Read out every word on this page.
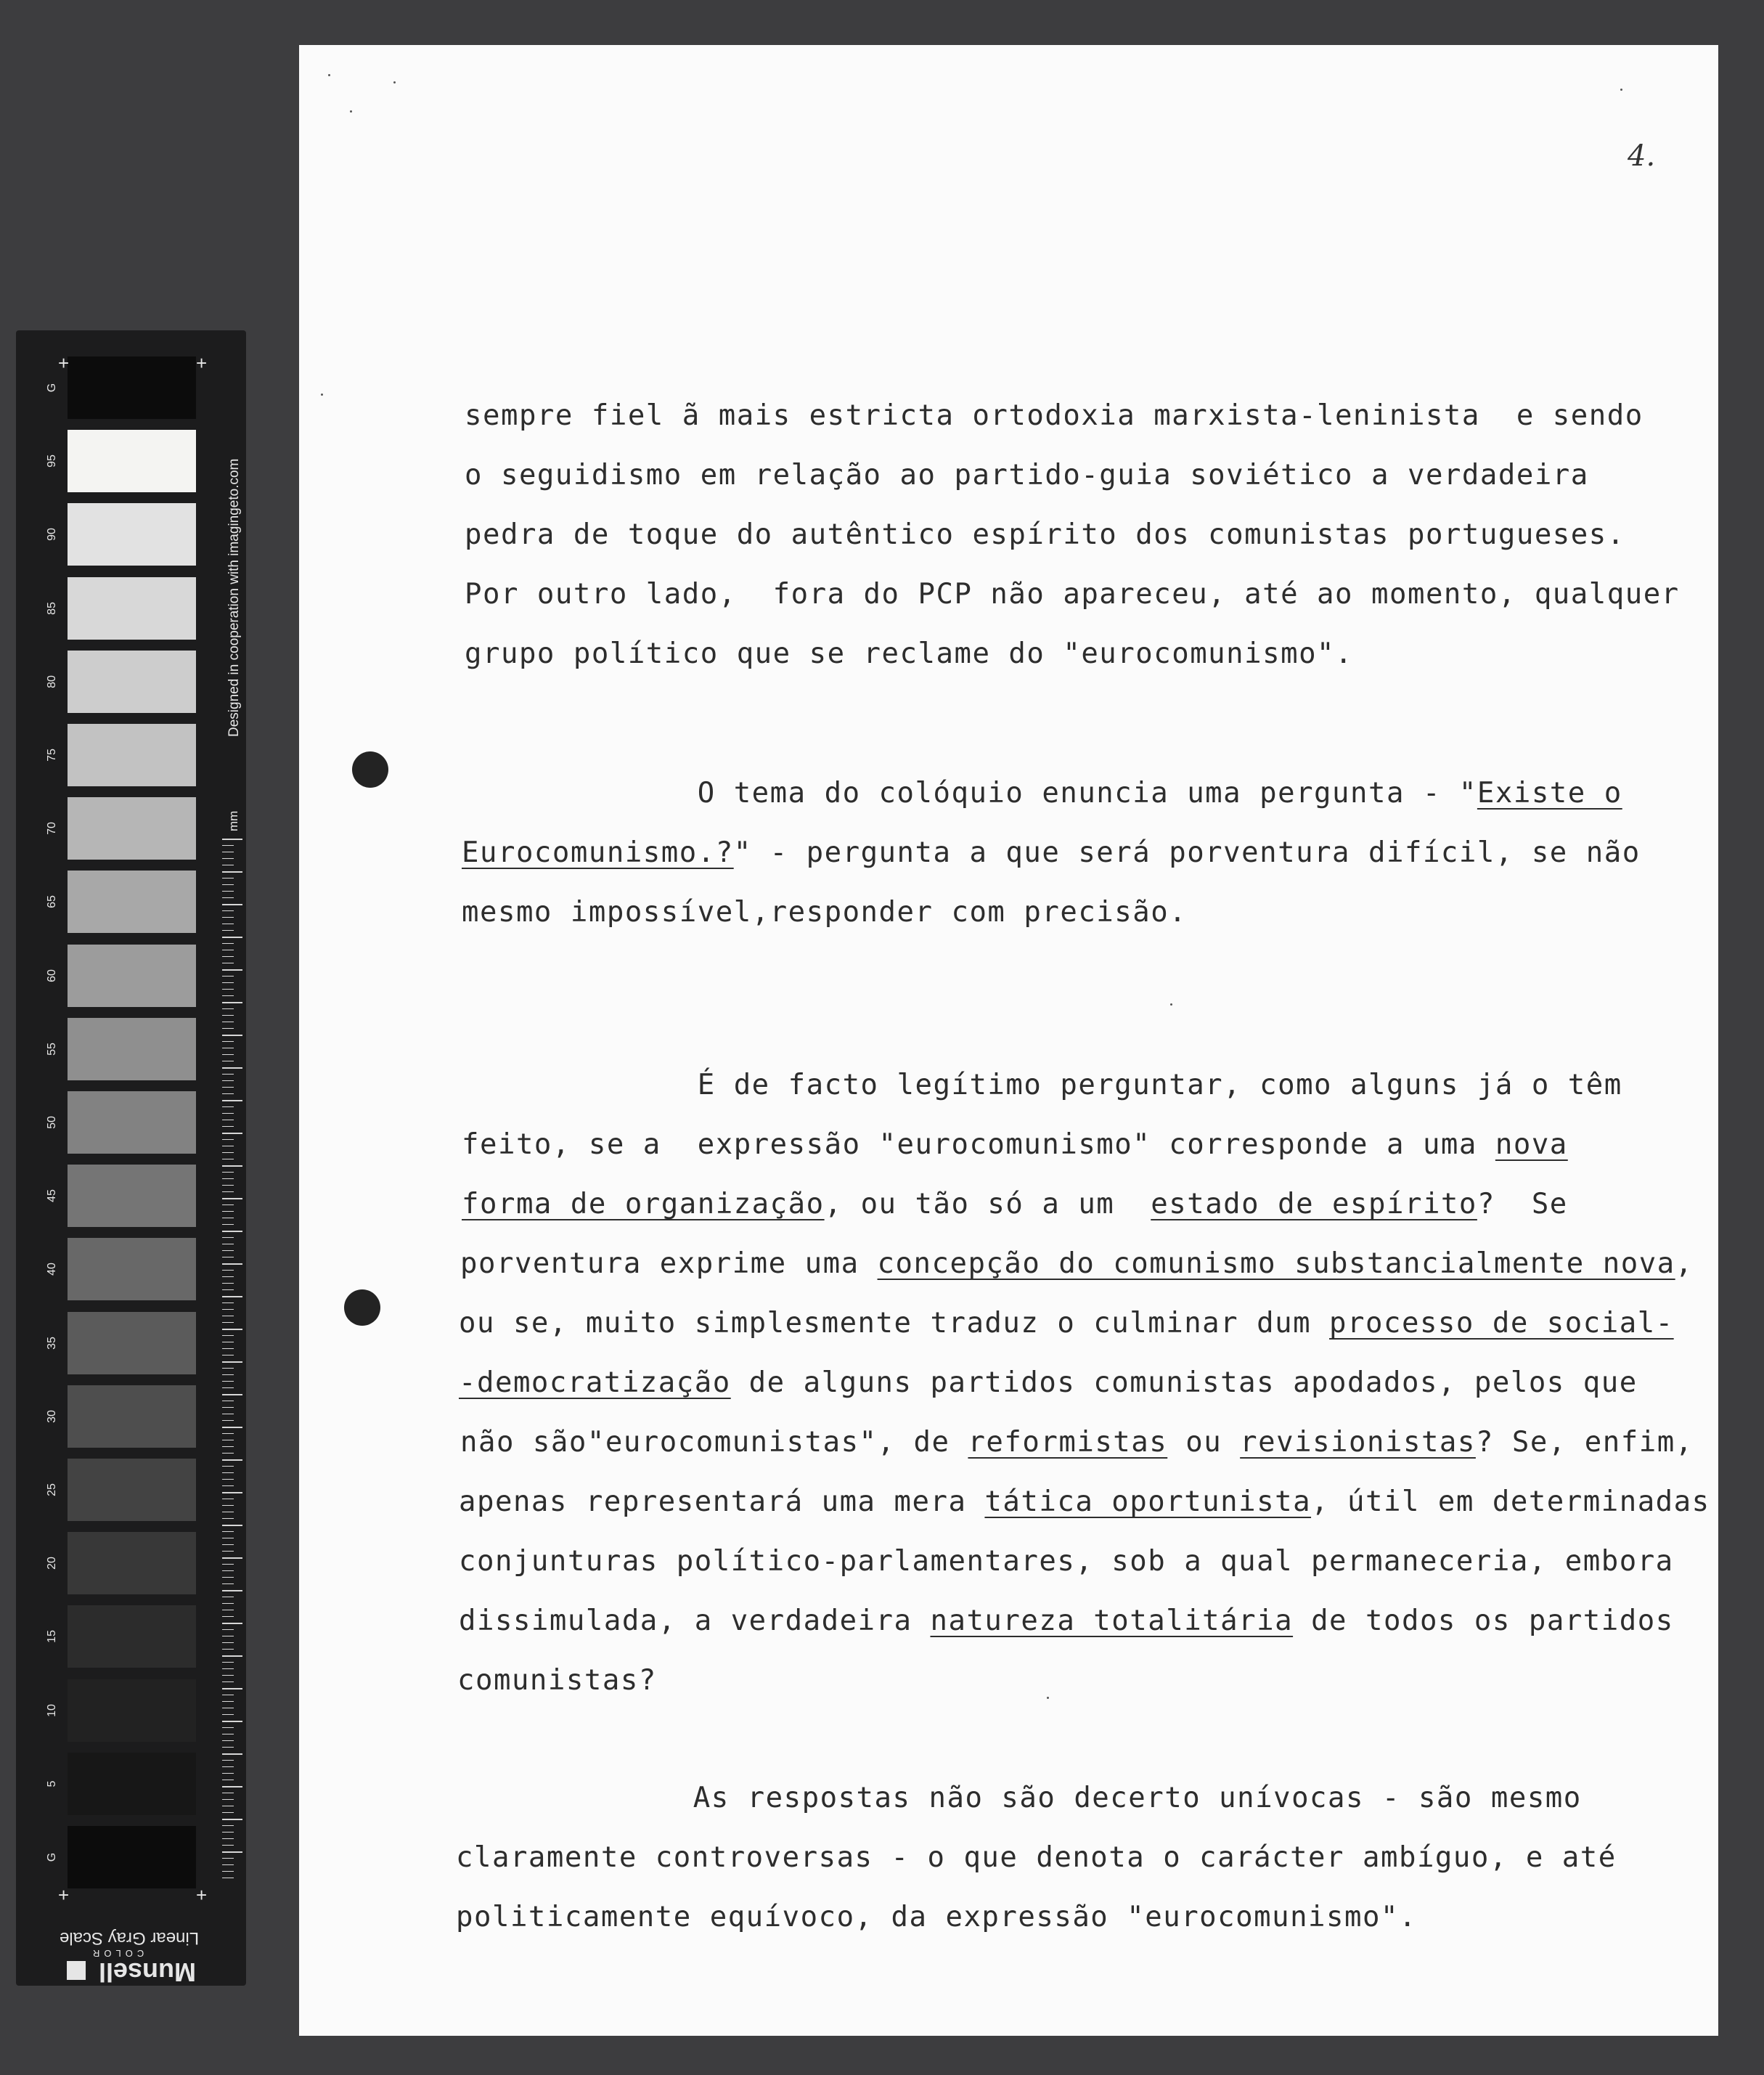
G
95
90
85
80
75
70
65
60
55
50
45
40
35
30
25
20
15
10
5
G
+	+
+	+
Designed in cooperation with imagingeto.com
mm
Linear Gray Scale
Munsell
COLOR
4.
sempre fiel ã mais estricta ortodoxia marxista-leninista  e sendo
o seguidismo em relação ao partido-guia soviético a verdadeira
pedra de toque do autêntico espírito dos comunistas portugueses.
Por outro lado,  fora do PCP não apareceu, até ao momento, qualquer
grupo político que se reclame do "eurocomunismo".
O tema do colóquio enuncia uma pergunta - "Existe o
Eurocomunismo.?" - pergunta a que será porventura difícil, se não
mesmo impossível,responder com precisão.
É de facto legítimo perguntar, como alguns já o têm
feito, se a  expressão "eurocomunismo" corresponde a uma nova
forma de organização, ou tão só a um  estado de espírito?  Se
porventura exprime uma concepção do comunismo substancialmente nova,
ou se, muito simplesmente traduz o culminar dum processo de social-
-democratização de alguns partidos comunistas apodados, pelos que
não são"eurocomunistas", de reformistas ou revisionistas? Se, enfim,
apenas representará uma mera tática oportunista, útil em determinadas
conjunturas político-parlamentares, sob a qual permaneceria, embora
dissimulada, a verdadeira natureza totalitária de todos os partidos
comunistas?
As respostas não são decerto unívocas - são mesmo
claramente controversas - o que denota o carácter ambíguo, e até
politicamente equívoco, da expressão "eurocomunismo".
